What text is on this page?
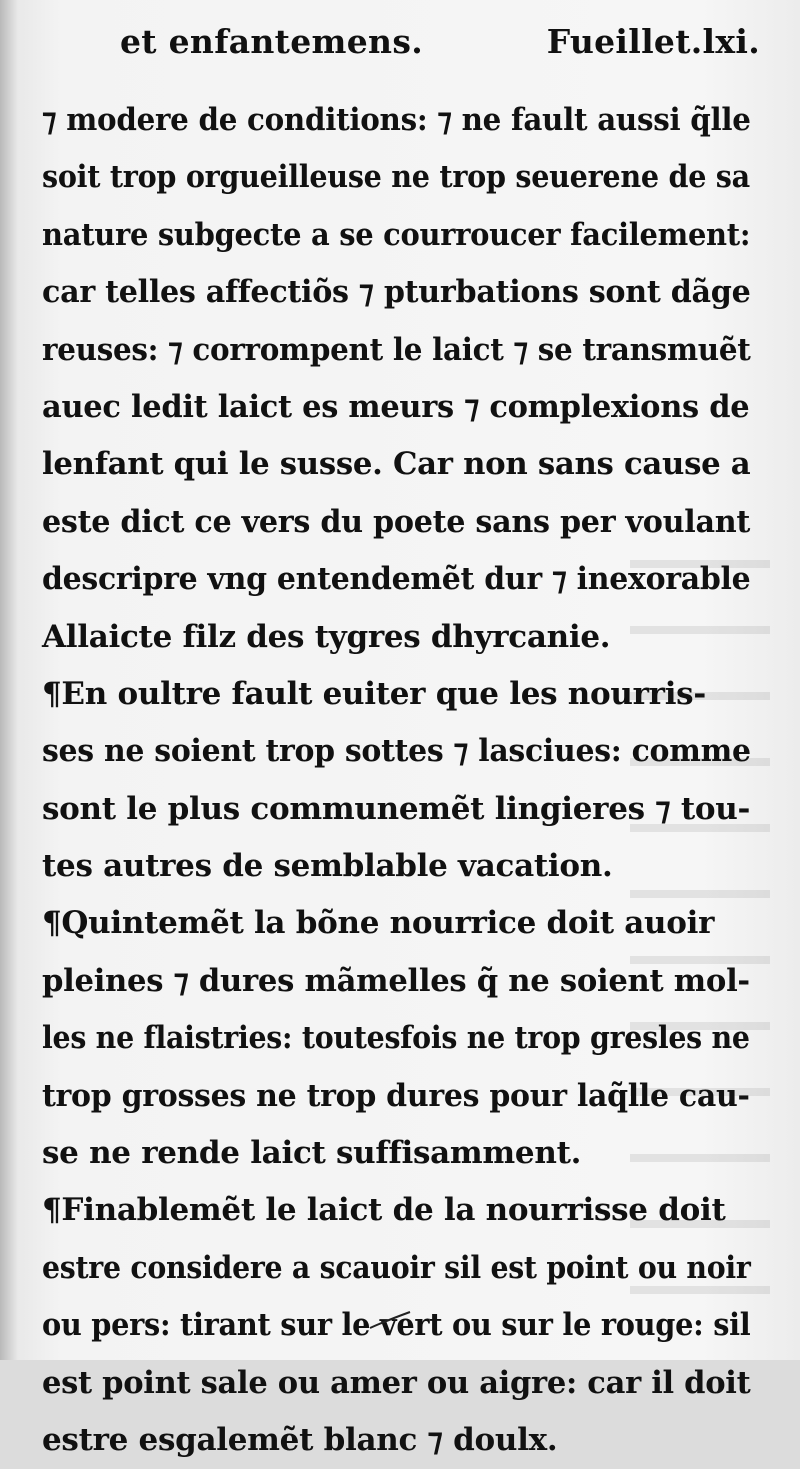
et enfantemens.	Fueillet.lxi.
⁊ modere de conditions: ⁊ ne fault aussi q̃lle
soit trop orgueilleuse ne trop seuerene de sa
nature subgecte a se courroucer facilement:
car telles affectiõs ⁊ pturbations sont dãge
reuses: ⁊ corrompent le laict ⁊ se transmuẽt
auec ledit laict es meurs ⁊ complexions de
lenfant qui le susse. Car non sans cause a
este dict ce vers du poete sans per voulant
descripre vng entendemẽt dur ⁊ inexorable
Allaicte filz des tygres dhyrcanie.
¶En oultre fault euiter que les nourris-
ses ne soient trop sottes ⁊ lasciues: comme
sont le plus communemẽt lingieres ⁊ tou-
tes autres de semblable vacation.
¶Quintemẽt la bõne nourrice doit auoir
pleines ⁊ dures mãmelles q̃ ne soient mol-
les ne flaistries: toutesfois ne trop gresles ne
trop grosses ne trop dures pour laq̃lle cau-
se ne rende laict suffisamment.
¶Finablemẽt le laict de la nourrisse doit
estre considere a scauoir sil est point ou noir
ou pers: tirant sur le vert ou sur le rouge: sil
est point sale ou amer ou aigre: car il doit
estre esgalemẽt blanc ⁊ doulx.
